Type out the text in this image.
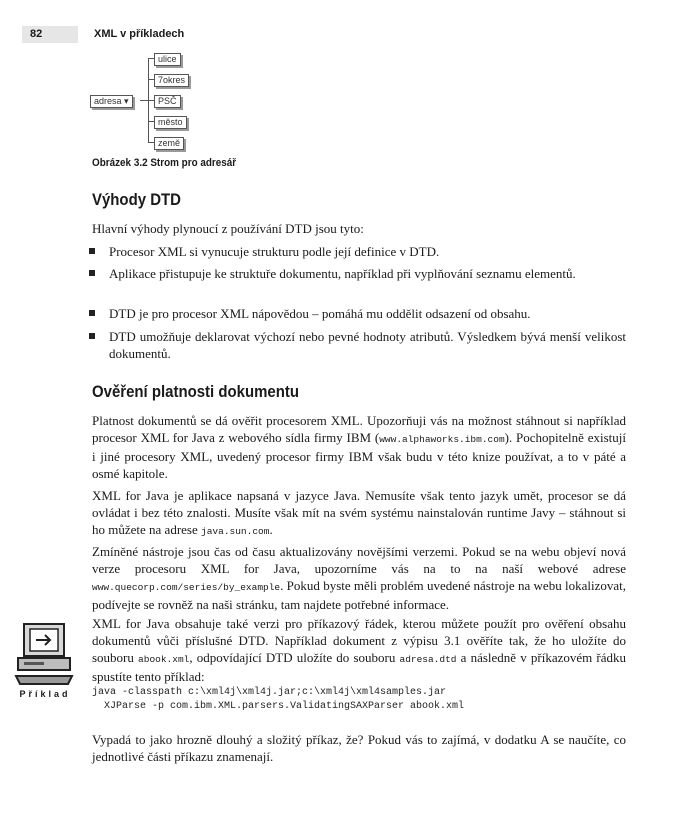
82	XML v příkladech
adresa ▾
ulice
7okres
PSČ
město
země
Obrázek 3.2 Strom pro adresář
Výhody DTD

Hlavní výhody plynoucí z používání DTD jsou tyto:

Procesor XML si vynucuje strukturu podle její definice v DTD.
Aplikace přistupuje ke struktuře dokumentu, například při vyplňování seznamu elementů.
DTD je pro procesor XML nápovědou – pomáhá mu oddělit odsazení od obsahu.
DTD umožňuje deklarovat výchozí nebo pevné hodnoty atributů. Výsledkem bývá menší velikost dokumentů.
Ověření platnosti dokumentu

Platnost dokumentů se dá ověřit procesorem XML. Upozorňuji vás na možnost stáhnout si například procesor XML for Java z webového sídla firmy IBM (www.alphaworks.ibm.com). Pochopitelně existují i jiné procesory XML, uvedený procesor firmy IBM však budu v této knize používat, a to v páté a osmé kapitole.

XML for Java je aplikace napsaná v jazyce Java. Nemusíte však tento jazyk umět, procesor se dá ovládat i bez této znalosti. Musíte však mít na svém systému nainstalován runtime Javy – stáhnout si ho můžete na adrese java.sun.com.

Zmíněné nástroje jsou čas od času aktualizovány novějšími verzemi. Pokud se na webu objeví nová verze procesoru XML for Java, upozorníme vás na to na naší webové adrese www.quecorp.com/series/by_example. Pokud byste měli problém uvedené nástroje na webu lokalizovat, podívejte se rovněž na naši stránku, tam najdete potřebné informace.

Příklad

XML for Java obsahuje také verzi pro příkazový řádek, kterou můžete použít pro ověření obsahu dokumentů vůči příslušné DTD. Například dokument z výpisu 3.1 ověříte tak, že ho uložíte do souboru abook.xml, odpovídající DTD uložíte do souboru adresa.dtd a následně v příkazovém řádku spustíte tento příklad:

java -classpath c:\xml4j\xml4j.jar;c:\xml4j\xml4samples.jar
XJParse -p com.ibm.XML.parsers.ValidatingSAXParser abook.xml

Vypadá to jako hrozně dlouhý a složitý příkaz, že? Pokud vás to zajímá, v dodatku A se naučíte, co jednotlivé části příkazu znamenají.
